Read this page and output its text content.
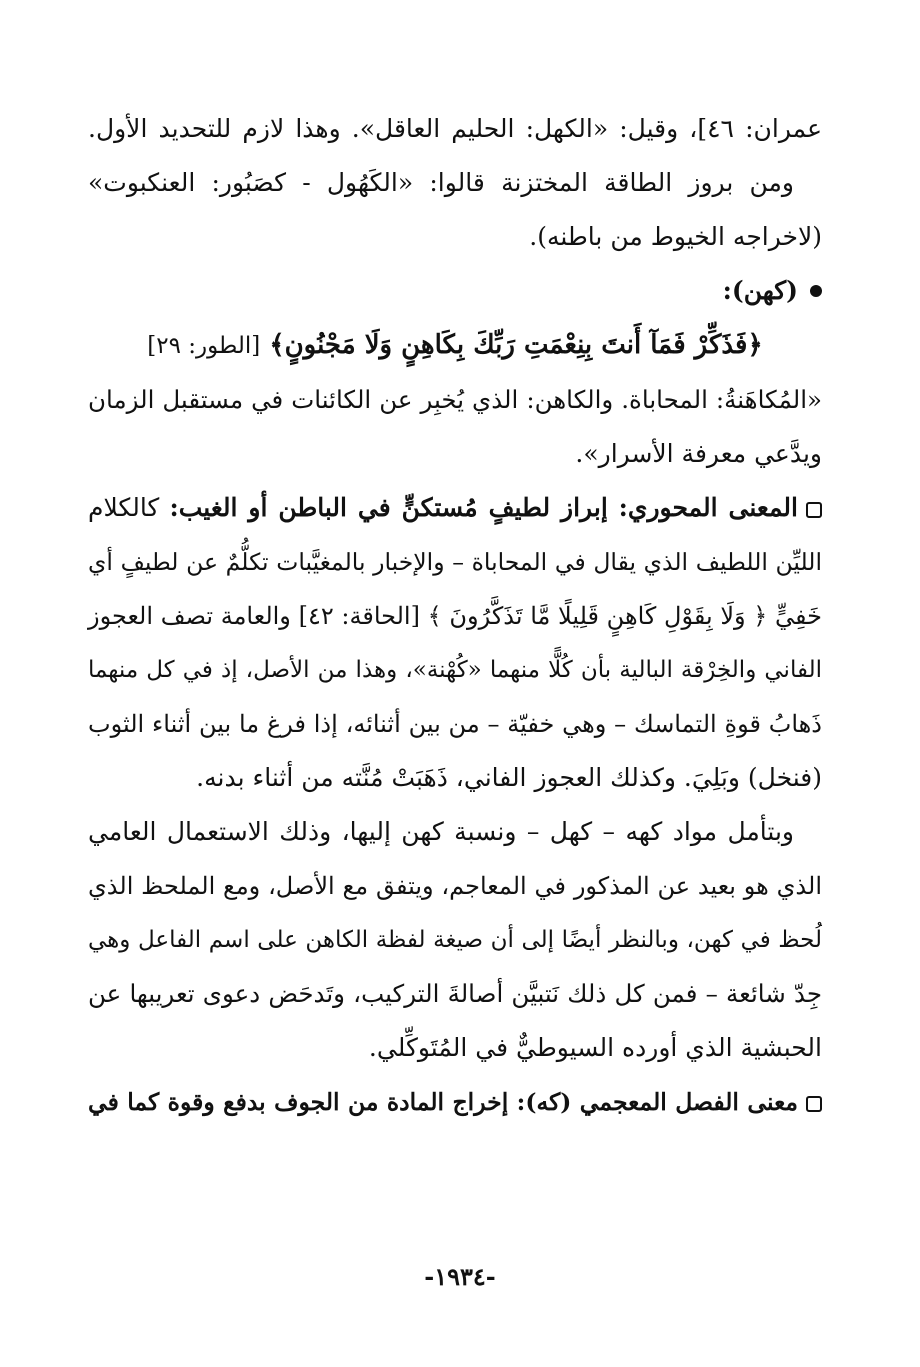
عمران: ٤٦]، وقيل: «الكهل: الحليم العاقل». وهذا لازم للتحديد الأول.
ومن بروز الطاقة المختزنة قالوا: «الكَهُول - كصَبُور: العنكبوت»
(لاخراجه الخيوط من باطنه).
(كهن):
﴿فَذَكِّرْ فَمَآ أَنتَ بِنِعْمَتِ رَبِّكَ بِكَاهِنٍ وَلَا مَجْنُونٍ﴾ [الطور: ٢٩]
«المُكاهَنةُ: المحاباة. والكاهن: الذي يُخبِر عن الكائنات في مستقبل الزمان
ويدَّعي معرفة الأسرار».
المعنى المحوري: إبراز لطيفٍ مُستكنٍّ في الباطن أو الغيب: كالكلام
الليِّن اللطيف الذي يقال في المحاباة – والإخبار بالمغيَّبات تكلُّمٌ عن لطيفٍ أي
خَفِيٍّ ﴿ وَلَا بِقَوْلِ كَاهِنٍ قَلِيلًا مَّا تَذَكَّرُونَ ﴾ [الحاقة: ٤٢] والعامة تصف العجوز
الفاني والخِرْقة البالية بأن كُلًّا منهما «كُهْنة»، وهذا من الأصل، إذ في كل منهما
ذَهابُ قوةِ التماسك – وهي خفيّة – من بين أثنائه، إذا فرغ ما بين أثناء الثوب
(فنخل) وبَلِيَ. وكذلك العجوز الفاني، ذَهَبَتْ مُنَّته من أثناء بدنه.
وبتأمل مواد كهه – كهل – ونسبة كهن إليها، وذلك الاستعمال العامي
الذي هو بعيد عن المذكور في المعاجم، ويتفق مع الأصل، ومع الملحظ الذي
لُحظ في كهن، وبالنظر أيضًا إلى أن صيغة لفظة الكاهن على اسم الفاعل وهي
جِدّ شائعة – فمن كل ذلك نَتبيَّن أصالةَ التركيب، وتَدحَض دعوى تعريبها عن
الحبشية الذي أورده السيوطيٌّ في المُتَوكِّلي.
معنى الفصل المعجمي (كه): إخراج المادة من الجوف بدفع وقوة كما في
-١٩٣٤-
